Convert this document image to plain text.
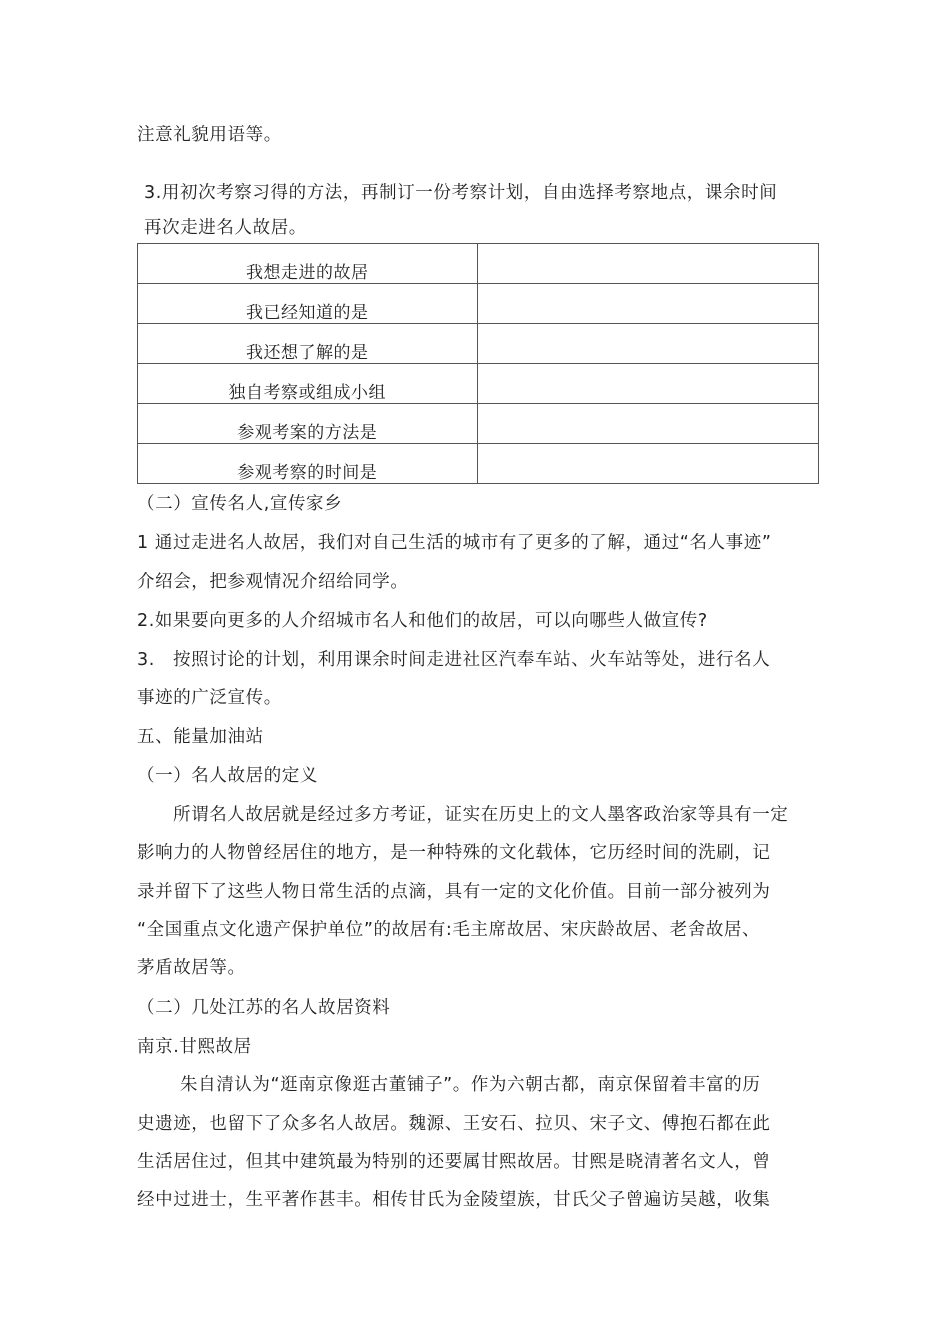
注意礼貌用语等。
3.用初次考察习得的方法，再制订一份考察计划，自由选择考察地点，课余时间
再次走进名人故居。
我想走进的故居	
我已经知道的是	
我还想了解的是	
独自考察或组成小组	
参观考案的方法是	
参观考察的时间是	
（二）宣传名人,宣传家乡
1 通过走进名人故居，我们对自己生活的城市有了更多的了解，通过“名人事迹”
介绍会，把参观情况介绍给同学。
2.如果要向更多的人介绍城市名人和他们的故居，可以向哪些人做宣传?
3.　按照讨论的计划，利用课余时间走进社区汽奉车站、火车站等处，进行名人
事迹的广泛宣传。
五、能量加油站
（一）名人故居的定义
所谓名人故居就是经过多方考证，证实在历史上的文人墨客政治家等具有一定
影响力的人物曾经居住的地方，是一种特殊的文化载体，它历经时间的洗刷，记
录并留下了这些人物日常生活的点滴，具有一定的文化价值。目前一部分被列为
“全国重点文化遗产保护单位”的故居有:毛主席故居、宋庆龄故居、老舍故居、
茅盾故居等。
（二）几处江苏的名人故居资料
南京.甘熙故居
朱自清认为“逛南京像逛古董铺子”。作为六朝古都，南京保留着丰富的历
史遗迹，也留下了众多名人故居。魏源、王安石、拉贝、宋子文、傅抱石都在此
生活居住过，但其中建筑最为特别的还要属甘熙故居。甘熙是晓清著名文人，曾
经中过进士，生平著作甚丰。相传甘氏为金陵望族，甘氏父子曾遍访吴越，收集
